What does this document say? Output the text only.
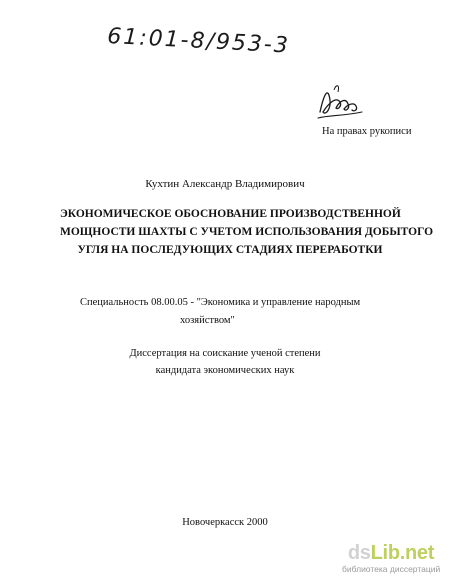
61:01-8/953-3
На правах рукописи
Кухтин Александр Владимирович
ЭКОНОМИЧЕСКОЕ ОБОСНОВАНИЕ ПРОИЗВОДСТВЕННОЙ
МОЩНОСТИ ШАХТЫ С УЧЕТОМ ИСПОЛЬЗОВАНИЯ ДОБЫТОГО
УГЛЯ НА ПОСЛЕДУЮЩИХ СТАДИЯХ ПЕРЕРАБОТКИ
Специальность 08.00.05 - "Экономика и управление народным
хозяйством"
Диссертация на соискание ученой степени
кандидата экономических наук
Новочеркасск 2000
dsLib.net
библиотека диссертаций
